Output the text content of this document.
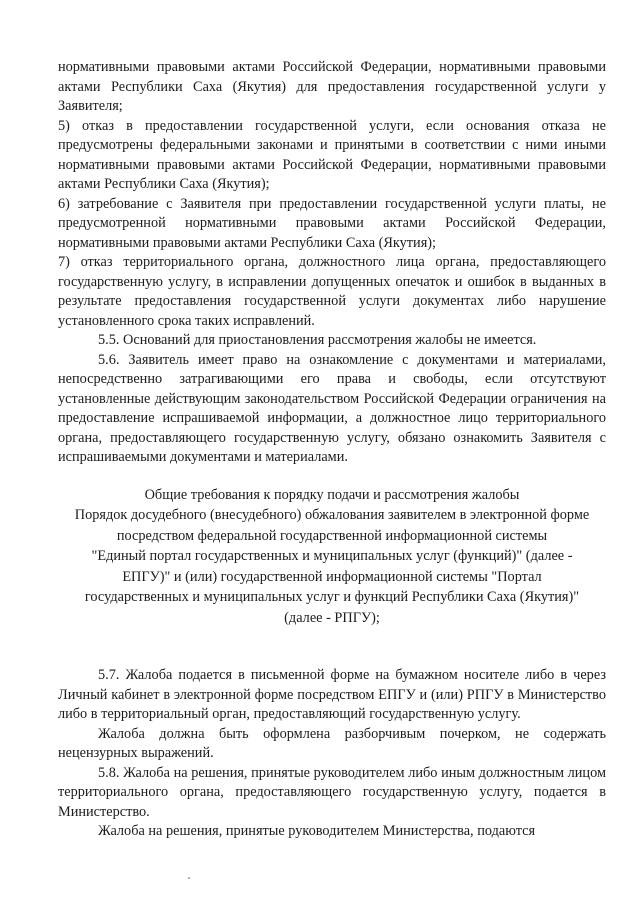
нормативными правовыми актами Российской Федерации, нормативными правовыми актами Республики Саха (Якутия) для предоставления государственной услуги у Заявителя;

5) отказ в предоставлении государственной услуги, если основания отказа не предусмотрены федеральными законами и принятыми в соответствии с ними иными нормативными правовыми актами Российской Федерации, нормативными правовыми актами Республики Саха (Якутия);

6) затребование с Заявителя при предоставлении государственной услуги платы, не предусмотренной нормативными правовыми актами Российской Федерации, нормативными правовыми актами Республики Саха (Якутия);

7) отказ территориального органа, должностного лица органа, предоставляющего государственную услугу, в исправлении допущенных опечаток и ошибок в выданных в результате предоставления государственной услуги документах либо нарушение установленного срока таких исправлений.

5.5. Оснований для приостановления рассмотрения жалобы не имеется.

5.6. Заявитель имеет право на ознакомление с документами и материалами, непосредственно затрагивающими его права и свободы, если отсутствуют установленные действующим законодательством Российской Федерации ограничения на предоставление испрашиваемой информации, а должностное лицо территориального органа, предоставляющего государственную услугу, обязано ознакомить Заявителя с испрашиваемыми документами и материалами.

Общие требования к порядку подачи и рассмотрения жалобы

Порядок досудебного (внесудебного) обжалования заявителем в электронной форме

посредством федеральной государственной информационной системы

"Единый портал государственных и муниципальных услуг (функций)" (далее -

ЕПГУ)" и (или) государственной информационной системы "Портал

государственных и муниципальных услуг и функций Республики Саха (Якутия)"

(далее - РПГУ);

5.7. Жалоба подается в письменной форме на бумажном носителе либо в через Личный кабинет в электронной форме посредством ЕПГУ и (или) РПГУ в Министерство либо в территориальный орган, предоставляющий государственную услугу.

Жалоба должна быть оформлена разборчивым почерком, не содержать нецензурных выражений.

5.8. Жалоба на решения, принятые руководителем либо иным должностным лицом территориального органа, предоставляющего государственную услугу, подается в Министерство.

Жалоба на решения, принятые руководителем Министерства, подаются
